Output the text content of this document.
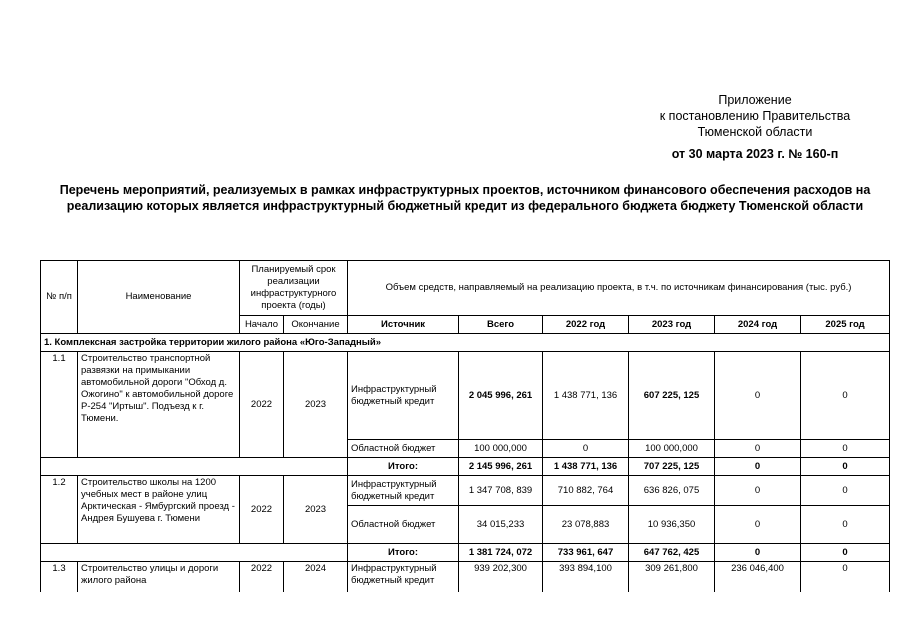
Приложение
к постановлению Правительства
Тюменской области
от 30 марта 2023 г. № 160-п
Перечень мероприятий, реализуемых в рамках инфраструктурных проектов, источником финансового обеспечения расходов на реализацию которых является инфраструктурный бюджетный кредит из федерального бюджета бюджету Тюменской области
№ п/п	Наименование	Планируемый срок реализации инфраструктурного проекта (годы)		Объем средств, направляемый на реализацию проекта, в т.ч. по источникам финансирования (тыс. руб.)					
		Начало	Окончание	Источник	Всего	2022 год	2023 год	2024 год	2025 год
1. Комплексная застройка территории жилого района «Юго-Западный»									
1.1	Строительство транспортной развязки на примыкании автомобильной дороги "Обход д. Ожогино" к автомобильной дороге Р-254 "Иртыш". Подъезд к г. Тюмени.	2022	2023	Инфраструктурный бюджетный кредит	2 045 996, 261	1 438 771, 136	607 225, 125	0	0
				Областной бюджет	100 000,000	0	100 000,000	0	0
				Итого:	2 145 996, 261	1 438 771, 136	707 225, 125	0	0
1.2	Строительство школы на 1200 учебных мест в районе улиц Арктическая - Ямбургский проезд - Андрея Бушуева г. Тюмени	2022	2023	Инфраструктурный бюджетный кредит	1 347 708, 839	710 882, 764	636 826, 075	0	0
				Областной бюджет	34 015,233	23 078,883	10 936,350	0	0
				Итого:	1 381 724, 072	733 961, 647	647 762, 425	0	0
1.3	Строительство улицы и дороги жилого района	2022	2024	Инфраструктурный бюджетный кредит	939 202,300	393 894,100	309 261,800	236 046,400	0
